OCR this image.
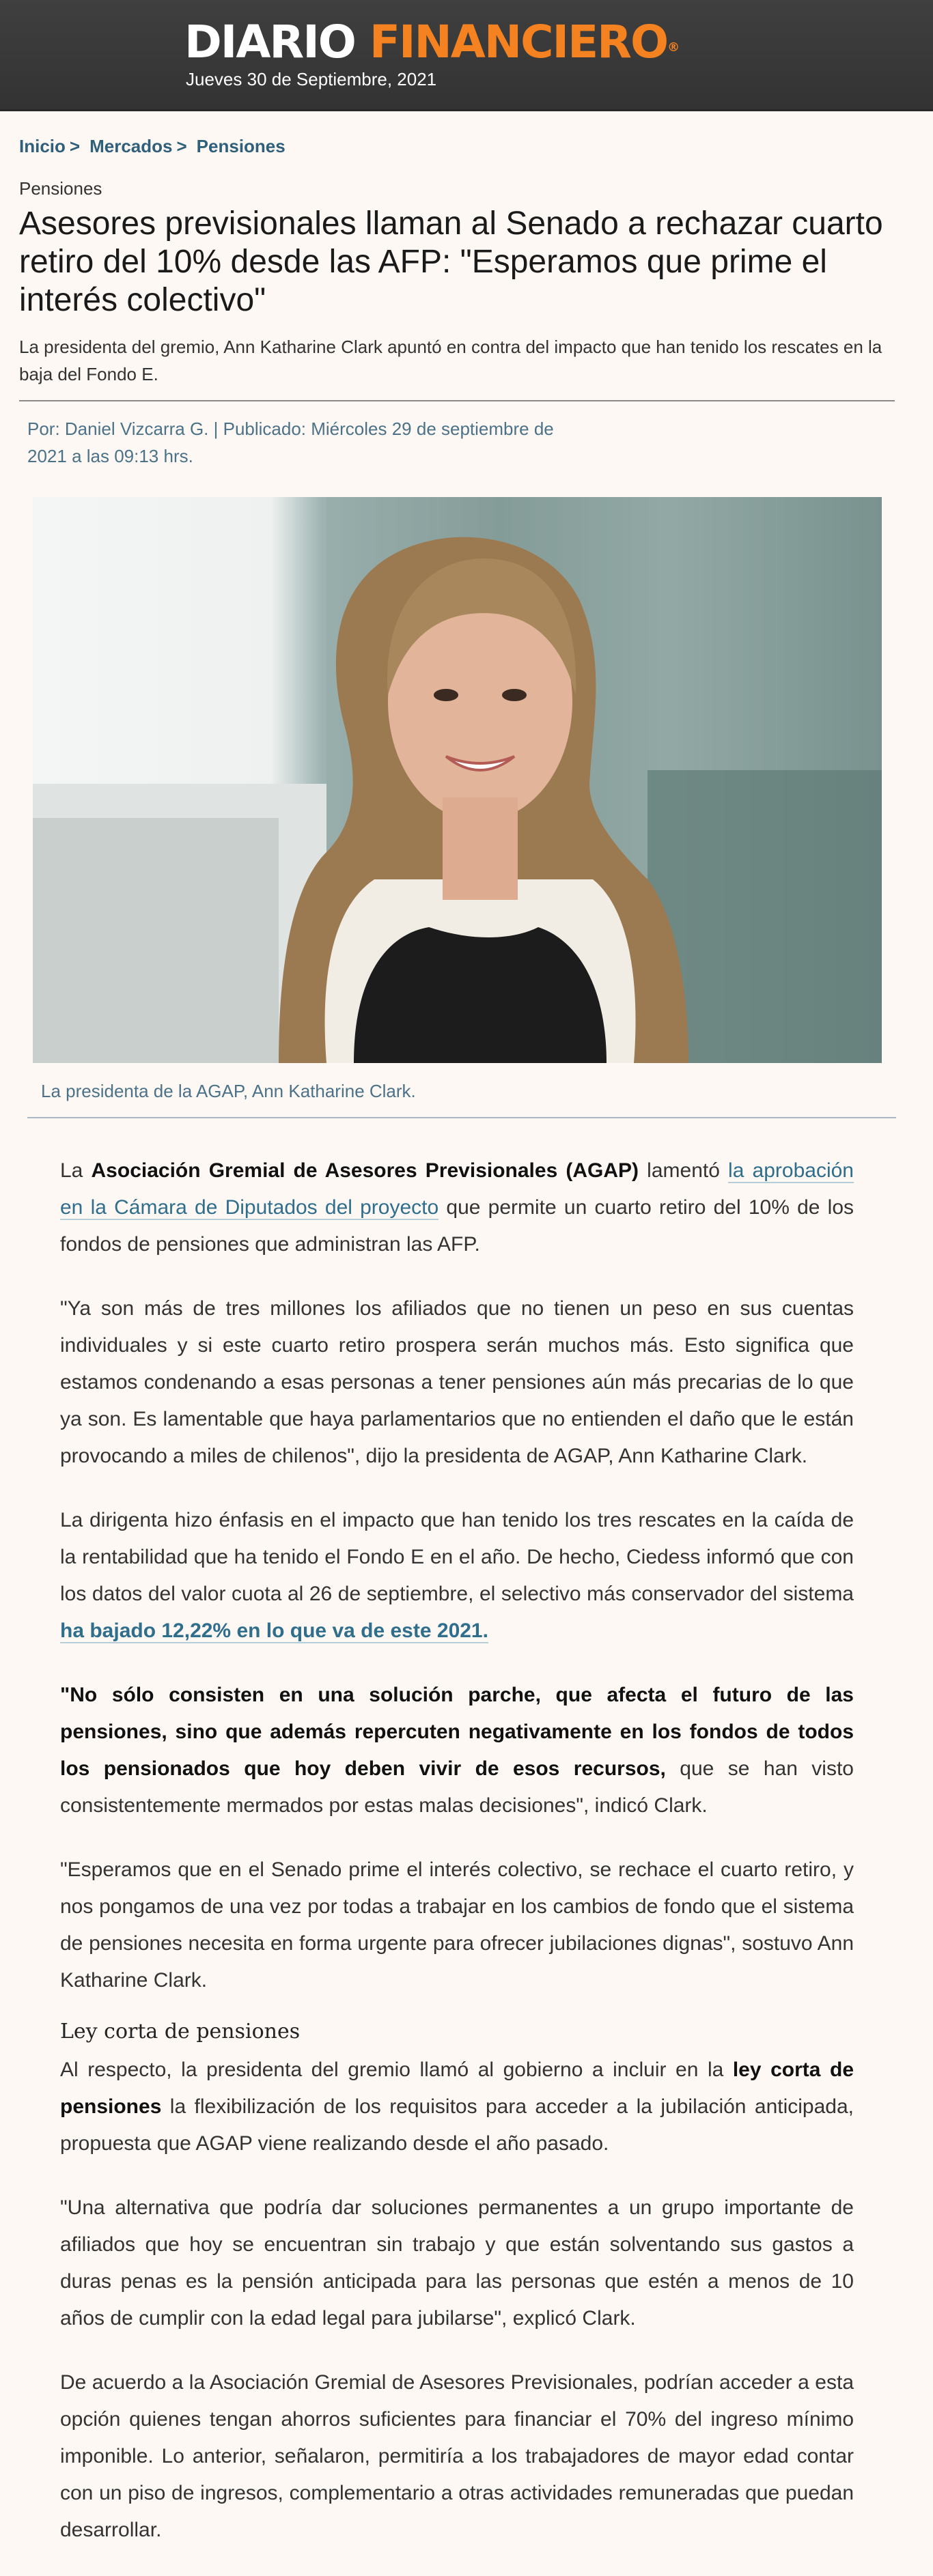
DIARIO FINANCIERO®
Jueves 30 de Septiembre, 2021
Inicio > Mercados > Pensiones
Pensiones
Asesores previsionales llaman al Senado a rechazar cuarto retiro del 10% desde las AFP: "Esperamos que prime el interés colectivo"
La presidenta del gremio, Ann Katharine Clark apuntó en contra del impacto que han tenido los rescates en la baja del Fondo E.
Por: Daniel Vizcarra G. | Publicado: Miércoles 29 de septiembre de 2021 a las 09:13 hrs.
La presidenta de la AGAP, Ann Katharine Clark.

La Asociación Gremial de Asesores Previsionales (AGAP) lamentó la aprobación en la Cámara de Diputados del proyecto que permite un cuarto retiro del 10% de los fondos de pensiones que administran las AFP.

"Ya son más de tres millones los afiliados que no tienen un peso en sus cuentas individuales y si este cuarto retiro prospera serán muchos más. Esto significa que estamos condenando a esas personas a tener pensiones aún más precarias de lo que ya son. Es lamentable que haya parlamentarios que no entienden el daño que le están provocando a miles de chilenos", dijo la presidenta de AGAP, Ann Katharine Clark.

La dirigenta hizo énfasis en el impacto que han tenido los tres rescates en la caída de la rentabilidad que ha tenido el Fondo E en el año. De hecho, Ciedess informó que con los datos del valor cuota al 26 de septiembre, el selectivo más conservador del sistema ha bajado 12,22% en lo que va de este 2021.

"No sólo consisten en una solución parche, que afecta el futuro de las pensiones, sino que además repercuten negativamente en los fondos de todos los pensionados que hoy deben vivir de esos recursos, que se han visto consistentemente mermados por estas malas decisiones", indicó Clark.

"Esperamos que en el Senado prime el interés colectivo, se rechace el cuarto retiro, y nos pongamos de una vez por todas a trabajar en los cambios de fondo que el sistema de pensiones necesita en forma urgente para ofrecer jubilaciones dignas", sostuvo Ann Katharine Clark.

Ley corta de pensiones

Al respecto, la presidenta del gremio llamó al gobierno a incluir en la ley corta de pensiones la flexibilización de los requisitos para acceder a la jubilación anticipada, propuesta que AGAP viene realizando desde el año pasado.

"Una alternativa que podría dar soluciones permanentes a un grupo importante de afiliados que hoy se encuentran sin trabajo y que están solventando sus gastos a duras penas es la pensión anticipada para las personas que estén a menos de 10 años de cumplir con la edad legal para jubilarse", explicó Clark.

De acuerdo a la Asociación Gremial de Asesores Previsionales, podrían acceder a esta opción quienes tengan ahorros suficientes para financiar el 70% del ingreso mínimo imponible. Lo anterior, señalaron, permitiría a los trabajadores de mayor edad contar con un piso de ingresos, complementario a otras actividades remuneradas que puedan desarrollar.
